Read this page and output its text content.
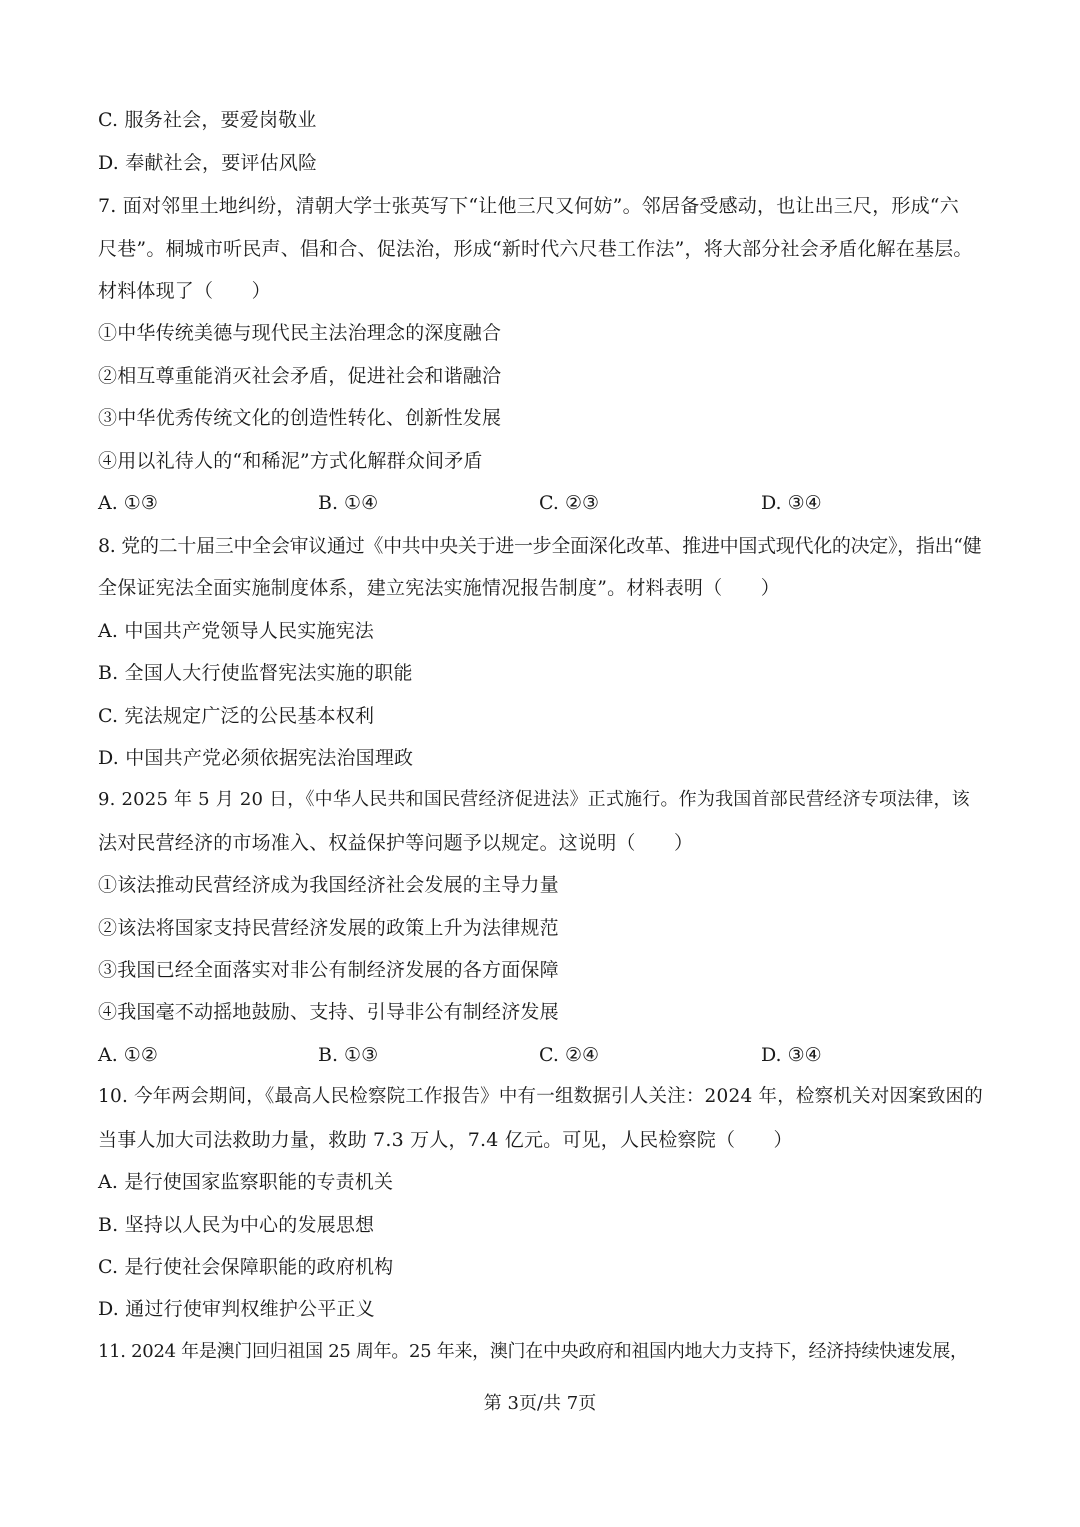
C. 服务社会，要爱岗敬业
D. 奉献社会，要评估风险
7. 面对邻里土地纠纷，清朝大学士张英写下“让他三尺又何妨”。邻居备受感动，也让出三尺，形成“六
尺巷”。桐城市听民声、倡和合、促法治，形成“新时代六尺巷工作法”，将大部分社会矛盾化解在基层。
材料体现了（　　）
①中华传统美德与现代民主法治理念的深度融合
②相互尊重能消灭社会矛盾，促进社会和谐融洽
③中华优秀传统文化的创造性转化、创新性发展
④用以礼待人的“和稀泥”方式化解群众间矛盾
A. ①③	B. ①④	C. ②③	D. ③④
8. 党的二十届三中全会审议通过《中共中央关于进一步全面深化改革、推进中国式现代化的决定》，指出“健
全保证宪法全面实施制度体系，建立宪法实施情况报告制度”。材料表明（　　）
A. 中国共产党领导人民实施宪法
B. 全国人大行使监督宪法实施的职能
C. 宪法规定广泛的公民基本权利
D. 中国共产党必须依据宪法治国理政
9. 2025 年 5 月 20 日，《中华人民共和国民营经济促进法》正式施行。作为我国首部民营经济专项法律，该
法对民营经济的市场准入、权益保护等问题予以规定。这说明（　　）
①该法推动民营经济成为我国经济社会发展的主导力量
②该法将国家支持民营经济发展的政策上升为法律规范
③我国已经全面落实对非公有制经济发展的各方面保障
④我国毫不动摇地鼓励、支持、引导非公有制经济发展
A. ①②	B. ①③	C. ②④	D. ③④
10. 今年两会期间，《最高人民检察院工作报告》中有一组数据引人关注：2024 年，检察机关对因案致困的
当事人加大司法救助力量，救助 7.3 万人，7.4 亿元。可见，人民检察院（　　）
A. 是行使国家监察职能的专责机关
B. 坚持以人民为中心的发展思想
C. 是行使社会保障职能的政府机构
D. 通过行使审判权维护公平正义
11. 2024 年是澳门回归祖国 25 周年。25 年来，澳门在中央政府和祖国内地大力支持下，经济持续快速发展，
第 3页/共 7页
